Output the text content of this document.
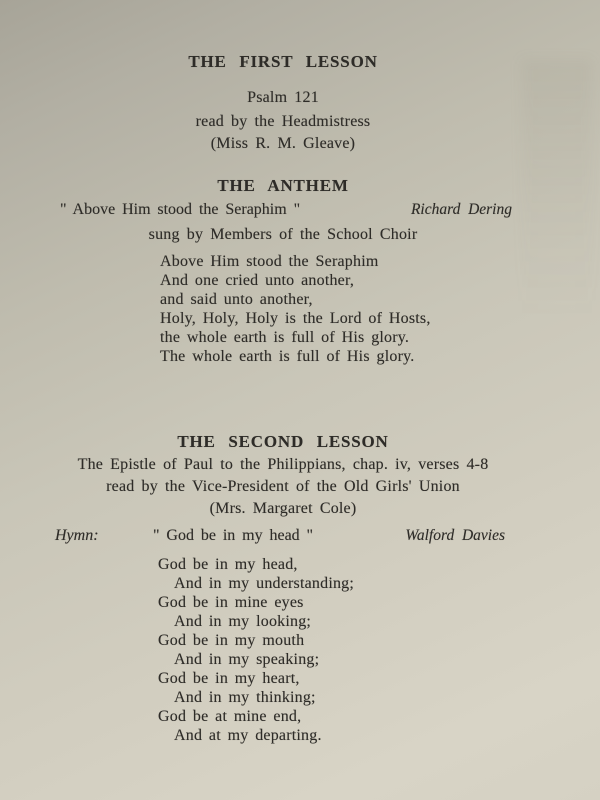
THE FIRST LESSON

Psalm 121

read by the Headmistress

(Miss R. M. Gleave)

THE ANTHEM
" Above Him stood the Seraphim "	Richard Dering

sung by Members of the School Choir

Above Him stood the Seraphim

And one cried unto another,

and said unto another,

Holy, Holy, Holy is the Lord of Hosts,

the whole earth is full of His glory.

The whole earth is full of His glory.

THE SECOND LESSON

The Epistle of Paul to the Philippians, chap. iv, verses 4-8

read by the Vice-President of the Old Girls' Union

(Mrs. Margaret Cole)

Hymn:	" God be in my head "	Walford Davies

God be in my head,

And in my understanding;

God be in mine eyes

And in my looking;

God be in my mouth

And in my speaking;

God be in my heart,

And in my thinking;

God be at mine end,

And at my departing.
